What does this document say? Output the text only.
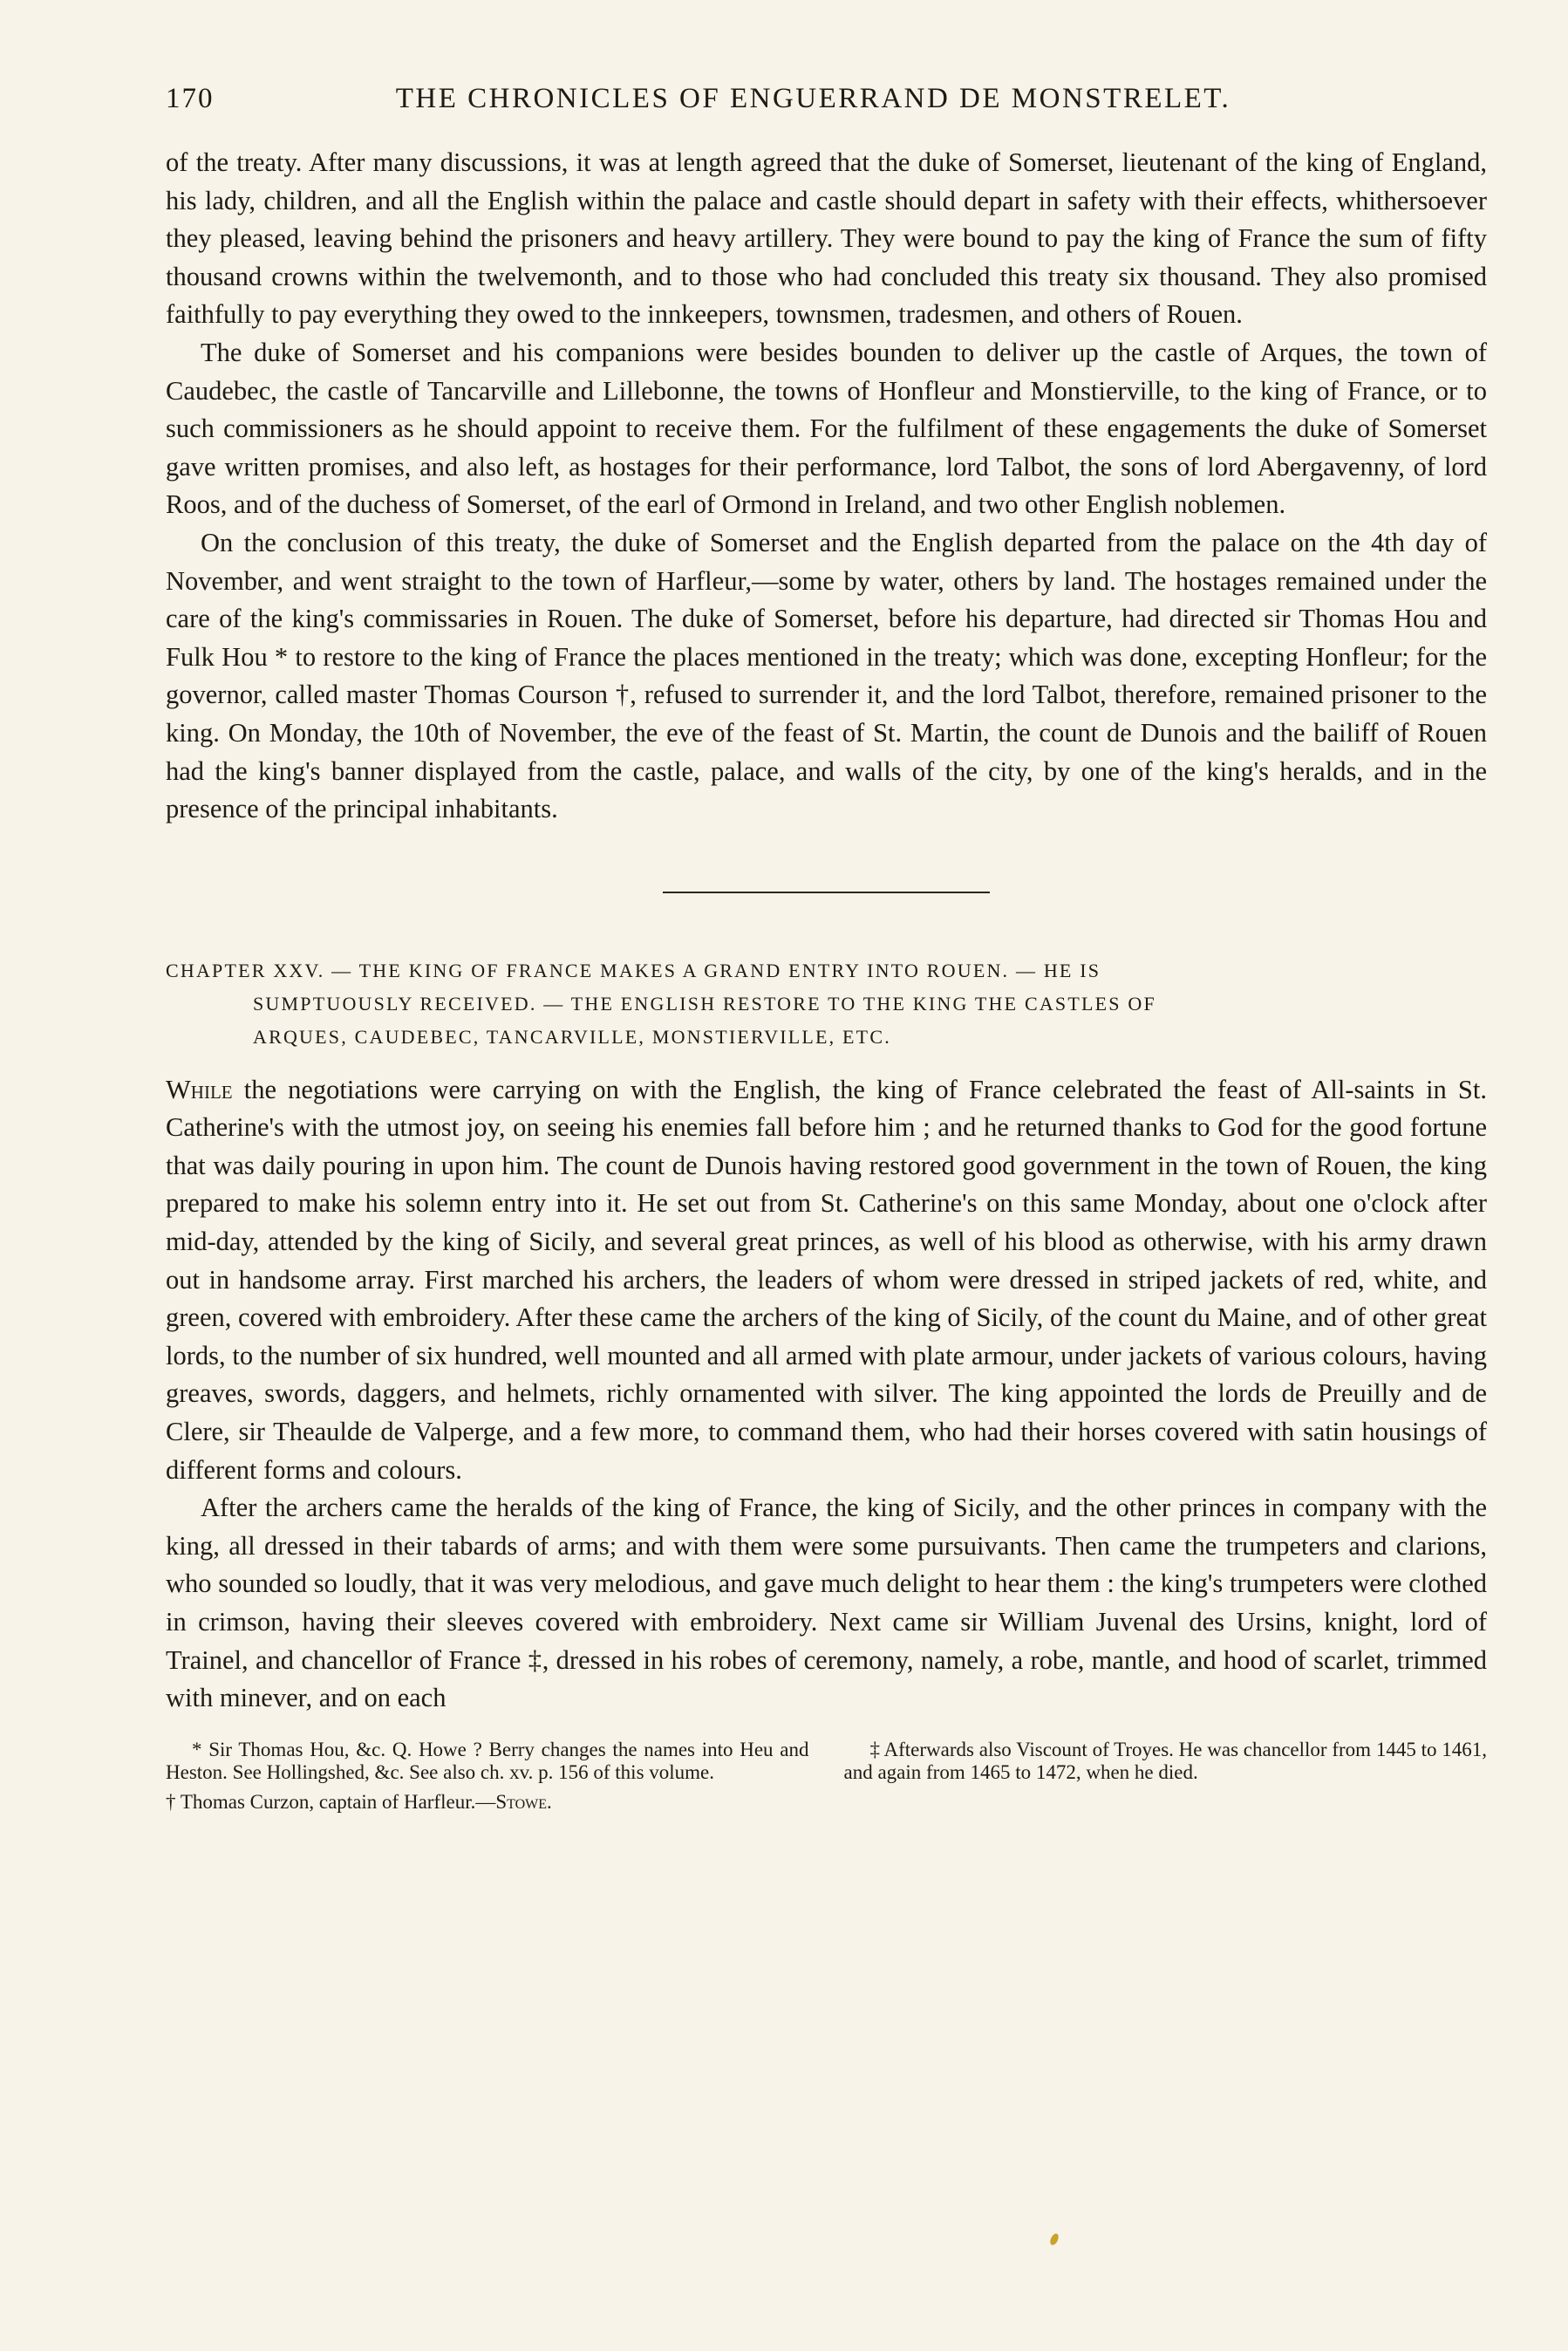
170	THE CHRONICLES OF ENGUERRAND DE MONSTRELET.

of the treaty. After many discussions, it was at length agreed that the duke of Somerset, lieutenant of the king of England, his lady, children, and all the English within the palace and castle should depart in safety with their effects, whithersoever they pleased, leaving behind the prisoners and heavy artillery. They were bound to pay the king of France the sum of fifty thousand crowns within the twelvemonth, and to those who had concluded this treaty six thousand. They also promised faithfully to pay everything they owed to the innkeepers, townsmen, tradesmen, and others of Rouen.

The duke of Somerset and his companions were besides bounden to deliver up the castle of Arques, the town of Caudebec, the castle of Tancarville and Lillebonne, the towns of Honfleur and Monstierville, to the king of France, or to such commissioners as he should appoint to receive them. For the fulfilment of these engagements the duke of Somerset gave written promises, and also left, as hostages for their performance, lord Talbot, the sons of lord Abergavenny, of lord Roos, and of the duchess of Somerset, of the earl of Ormond in Ireland, and two other English noblemen.

On the conclusion of this treaty, the duke of Somerset and the English departed from the palace on the 4th day of November, and went straight to the town of Harfleur,—some by water, others by land. The hostages remained under the care of the king's commissaries in Rouen. The duke of Somerset, before his departure, had directed sir Thomas Hou and Fulk Hou * to restore to the king of France the places mentioned in the treaty; which was done, excepting Honfleur; for the governor, called master Thomas Courson †, refused to surrender it, and the lord Talbot, therefore, remained prisoner to the king. On Monday, the 10th of November, the eve of the feast of St. Martin, the count de Dunois and the bailiff of Rouen had the king's banner displayed from the castle, palace, and walls of the city, by one of the king's heralds, and in the presence of the principal inhabitants.

CHAPTER XXV. — THE KING OF FRANCE MAKES A GRAND ENTRY INTO ROUEN. — HE IS
SUMPTUOUSLY RECEIVED. — THE ENGLISH RESTORE TO THE KING THE CASTLES OF
ARQUES, CAUDEBEC, TANCARVILLE, MONSTIERVILLE, ETC.

While the negotiations were carrying on with the English, the king of France celebrated the feast of All-saints in St. Catherine's with the utmost joy, on seeing his enemies fall before him ; and he returned thanks to God for the good fortune that was daily pouring in upon him. The count de Dunois having restored good government in the town of Rouen, the king prepared to make his solemn entry into it. He set out from St. Catherine's on this same Monday, about one o'clock after mid-day, attended by the king of Sicily, and several great princes, as well of his blood as otherwise, with his army drawn out in handsome array. First marched his archers, the leaders of whom were dressed in striped jackets of red, white, and green, covered with embroidery. After these came the archers of the king of Sicily, of the count du Maine, and of other great lords, to the number of six hundred, well mounted and all armed with plate armour, under jackets of various colours, having greaves, swords, daggers, and helmets, richly ornamented with silver. The king appointed the lords de Preuilly and de Clere, sir Theaulde de Valperge, and a few more, to command them, who had their horses covered with satin housings of different forms and colours.

After the archers came the heralds of the king of France, the king of Sicily, and the other princes in company with the king, all dressed in their tabards of arms; and with them were some pursuivants. Then came the trumpeters and clarions, who sounded so loudly, that it was very melodious, and gave much delight to hear them : the king's trumpeters were clothed in crimson, having their sleeves covered with embroidery. Next came sir William Juvenal des Ursins, knight, lord of Trainel, and chancellor of France ‡, dressed in his robes of ceremony, namely, a robe, mantle, and hood of scarlet, trimmed with minever, and on each

* Sir Thomas Hou, &c. Q. Howe ? Berry changes the names into Heu and Heston. See Hollingshed, &c. See also ch. xv. p. 156 of this volume.

† Thomas Curzon, captain of Harfleur.—Stowe.

‡ Afterwards also Viscount of Troyes. He was chancellor from 1445 to 1461, and again from 1465 to 1472, when he died.
